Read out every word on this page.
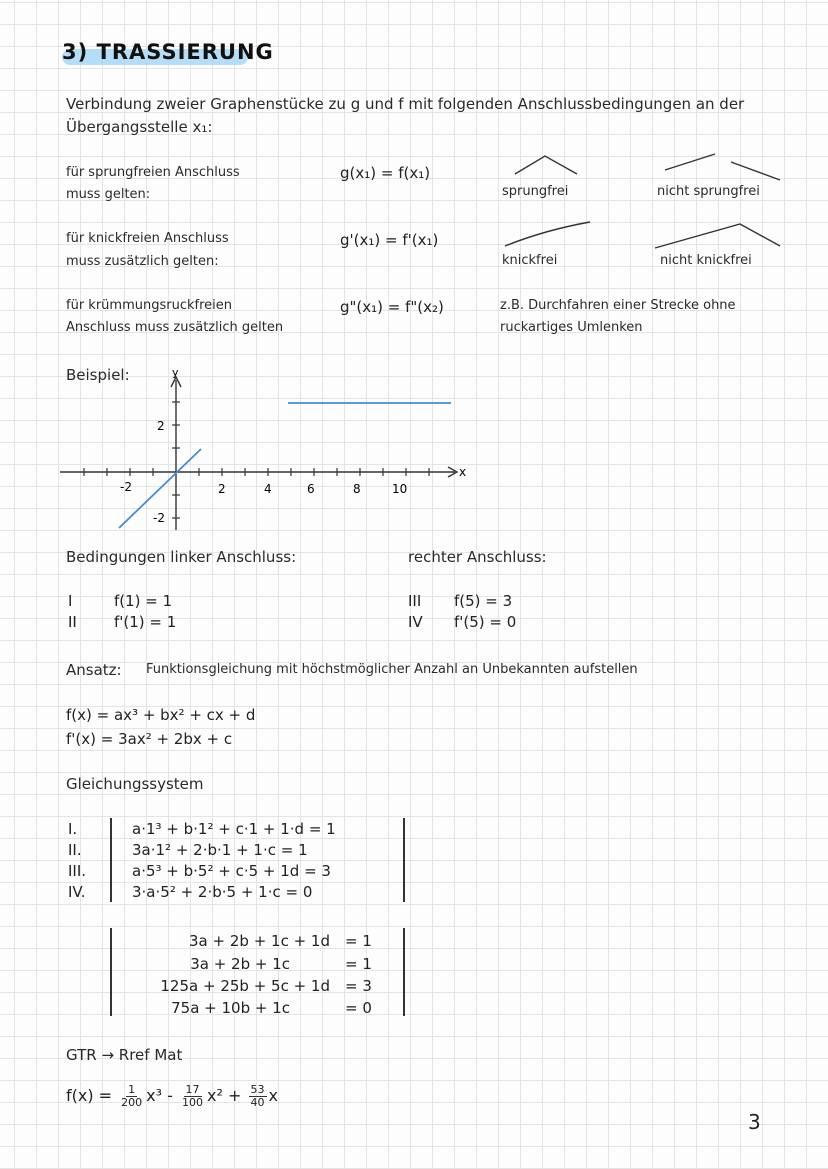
3) TRASSIERUNG
Verbindung zweier Graphenstücke zu g und f mit folgenden Anschlussbedingungen an der
Übergangsstelle x₁:
für sprungfreien Anschluss
muss gelten:
g(x₁) = f(x₁)
für knickfreien Anschluss
muss zusätzlich gelten:
g'(x₁) = f'(x₁)
für krümmungsruckfreien
Anschluss muss zusätzlich gelten
g"(x₁) = f"(x₂)
sprungfrei	nicht sprungfrei
knickfrei	nicht knickfrei
z.B. Durchfahren einer Strecke ohne
ruckartiges Umlenken
Beispiel:
-2	2	4	6	8	10
2
-2
x
y
Bedingungen linker Anschluss:	rechter Anschluss:
I	f(1) = 1
II f'(1) = 1
III f(5) = 3
IV f'(5) = 0
Ansatz: Funktionsgleichung mit höchstmöglicher Anzahl an Unbekannten aufstellen
f(x) = ax³ + bx² + cx + d
f'(x) = 3ax² + 2bx + c
Gleichungssystem
I.	a·1³ + b·1² + c·1 + 1·d = 1
II.	3a·1² + 2·b·1 + 1·c = 1
III.	a·5³ + b·5² + c·5 + 1d = 3
IV.	3·a·5² + 2·b·5 + 1·c = 0
3a + 2b + 1c + 1d = 1
3a + 2b + 1c	= 1
125a + 25b + 5c + 1d = 3
75a + 10b + 1c	= 0
GTR → Rref Mat
$f(x) = \frac{1}{200} x^3 - \frac{17}{100} x^2 + \frac{53}{40}$ x
3
